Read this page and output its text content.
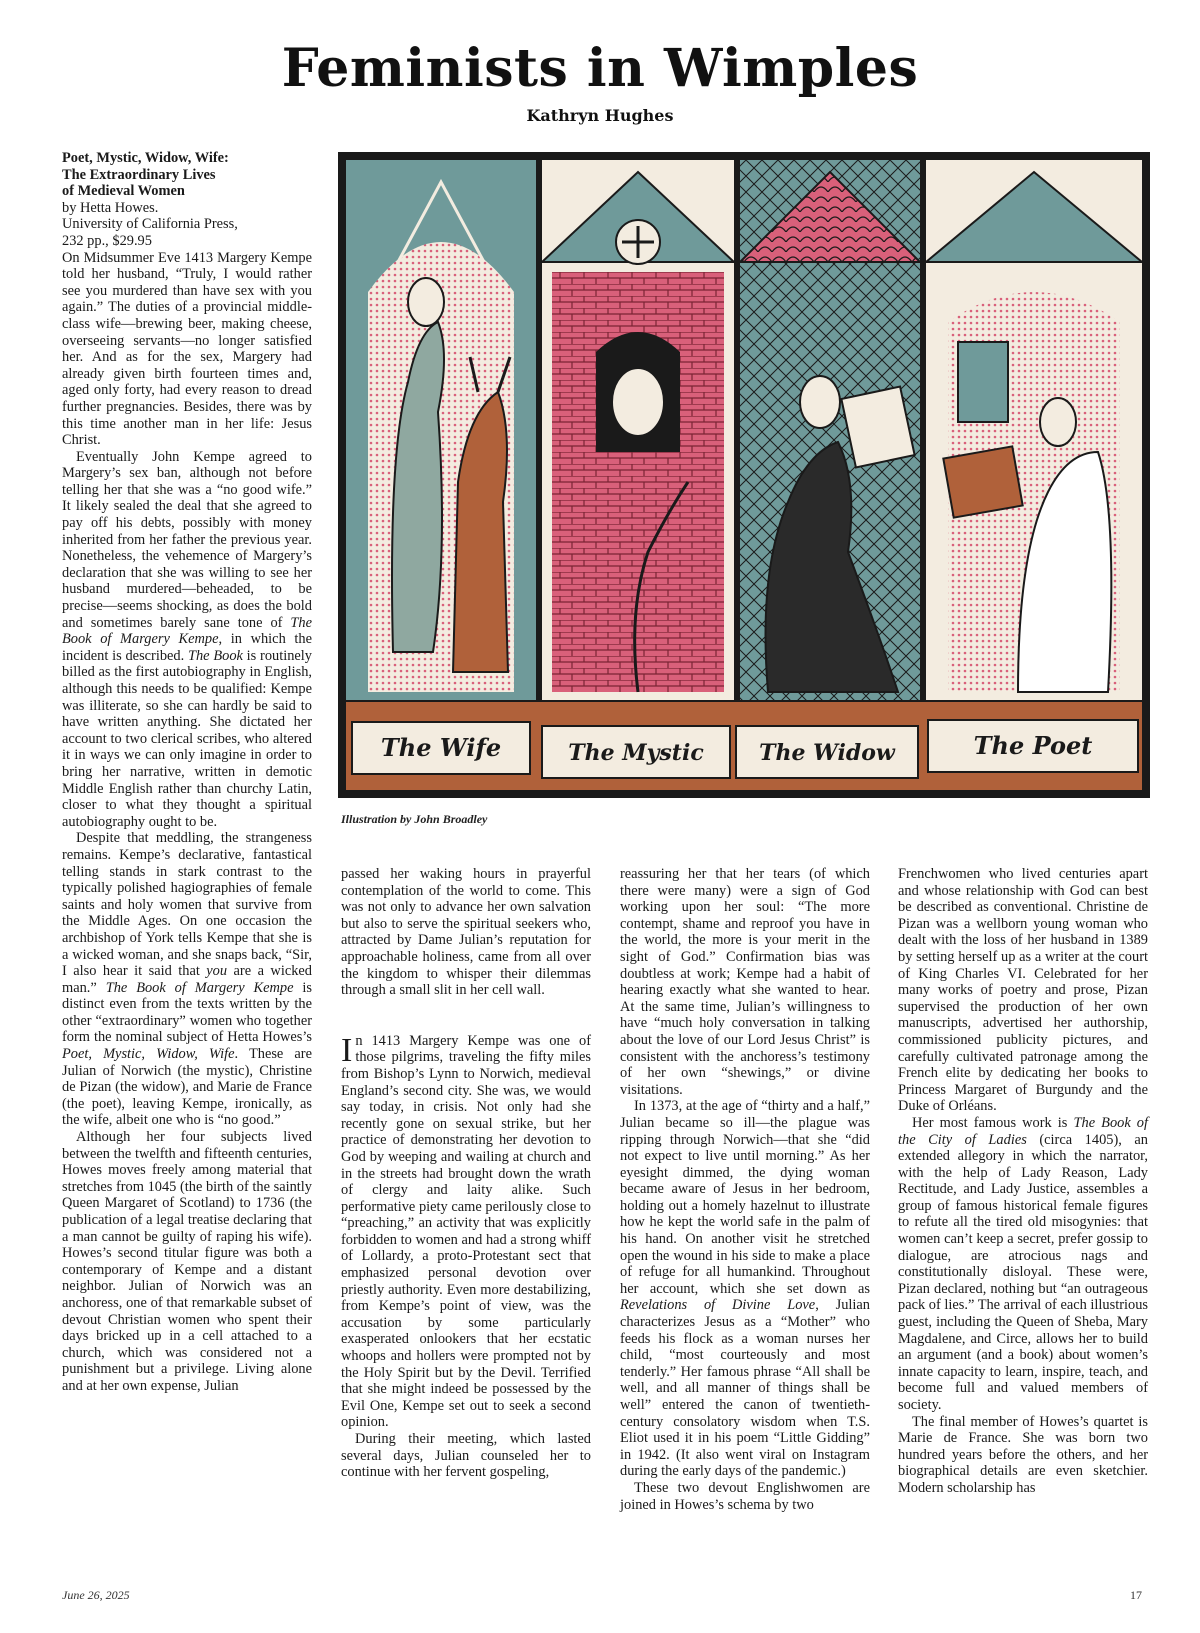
Feminists in Wimples
Kathryn Hughes

Poet, Mystic, Widow, Wife:
The Extraordinary Lives
of Medieval Women
by Hetta Howes.
University of California Press,
232 pp., $29.95

On Midsummer Eve 1413 Margery Kempe told her husband, “Truly, I would rather see you murdered than have sex with you again.” The duties of a provincial middle-class wife—brewing beer, making cheese, overseeing servants—no longer satisfied her. And as for the sex, Margery had already given birth fourteen times and, aged only forty, had every reason to dread further pregnancies. Besides, there was by this time another man in her life: Jesus Christ.

Eventually John Kempe agreed to Margery’s sex ban, although not before telling her that she was a “no good wife.” It likely sealed the deal that she agreed to pay off his debts, possibly with money inherited from her father the previous year. Nonetheless, the vehemence of Margery’s declaration that she was willing to see her husband murdered—beheaded, to be precise—seems shocking, as does the bold and sometimes barely sane tone of The Book of Margery Kempe, in which the incident is described. The Book is routinely billed as the first autobiography in English, although this needs to be qualified: Kempe was illiterate, so she can hardly be said to have written anything. She dictated her account to two clerical scribes, who altered it in ways we can only imagine in order to bring her narrative, written in demotic Middle English rather than churchy Latin, closer to what they thought a spiritual autobiography ought to be.

Despite that meddling, the strangeness remains. Kempe’s declarative, fantastical telling stands in stark contrast to the typically polished hagiographies of female saints and holy women that survive from the Middle Ages. On one occasion the archbishop of York tells Kempe that she is a wicked woman, and she snaps back, “Sir, I also hear it said that you are a wicked man.” The Book of Margery Kempe is distinct even from the texts written by the other “extraordinary” women who together form the nominal subject of Hetta Howes’s Poet, Mystic, Widow, Wife. These are Julian of Norwich (the mystic), Christine de Pizan (the widow), and Marie de France (the poet), leaving Kempe, ironically, as the wife, albeit one who is “no good.”

Although her four subjects lived between the twelfth and fifteenth centuries, Howes moves freely among material that stretches from 1045 (the birth of the saintly Queen Margaret of Scotland) to 1736 (the publication of a legal treatise declaring that a man cannot be guilty of raping his wife). Howes’s second titular figure was both a contemporary of Kempe and a distant neighbor. Julian of Norwich was an anchoress, one of that remarkable subset of devout Christian women who spent their days bricked up in a cell attached to a church, which was considered not a punishment but a privilege. Living alone and at her own expense, Julian

The Wife	The Mystic	The Widow	The Poet
Illustration by John Broadley

passed her waking hours in prayerful contemplation of the world to come. This was not only to advance her own salvation but also to serve the spiritual seekers who, attracted by Dame Julian’s reputation for approachable holiness, came from all over the kingdom to whisper their dilemmas through a small slit in her cell wall.

In 1413 Margery Kempe was one of those pilgrims, traveling the fifty miles from Bishop’s Lynn to Norwich, medieval England’s second city. She was, we would say today, in crisis. Not only had she recently gone on sexual strike, but her practice of demonstrating her devotion to God by weeping and wailing at church and in the streets had brought down the wrath of clergy and laity alike. Such performative piety came perilously close to “preaching,” an activity that was explicitly forbidden to women and had a strong whiff of Lollardy, a proto-Protestant sect that emphasized personal devotion over priestly authority. Even more destabilizing, from Kempe’s point of view, was the accusation by some particularly exasperated onlookers that her ecstatic whoops and hollers were prompted not by the Holy Spirit but by the Devil. Terrified that she might indeed be possessed by the Evil One, Kempe set out to seek a second opinion.

During their meeting, which lasted several days, Julian counseled her to continue with her fervent gospeling,

reassuring her that her tears (of which there were many) were a sign of God working upon her soul: “The more contempt, shame and reproof you have in the world, the more is your merit in the sight of God.” Confirmation bias was doubtless at work; Kempe had a habit of hearing exactly what she wanted to hear. At the same time, Julian’s willingness to have “much holy conversation in talking about the love of our Lord Jesus Christ” is consistent with the anchoress’s testimony of her own “shewings,” or divine visitations.

In 1373, at the age of “thirty and a half,” Julian became so ill—the plague was ripping through Norwich—that she “did not expect to live until morning.” As her eyesight dimmed, the dying woman became aware of Jesus in her bedroom, holding out a homely hazelnut to illustrate how he kept the world safe in the palm of his hand. On another visit he stretched open the wound in his side to make a place of refuge for all humankind. Throughout her account, which she set down as Revelations of Divine Love, Julian characterizes Jesus as a “Mother” who feeds his flock as a woman nurses her child, “most courteously and most tenderly.” Her famous phrase “All shall be well, and all manner of things shall be well” entered the canon of twentieth-century consolatory wisdom when T.S. Eliot used it in his poem “Little Gidding” in 1942. (It also went viral on Instagram during the early days of the pandemic.)

These two devout Englishwomen are joined in Howes’s schema by two

Frenchwomen who lived centuries apart and whose relationship with God can best be described as conventional. Christine de Pizan was a wellborn young woman who dealt with the loss of her husband in 1389 by setting herself up as a writer at the court of King Charles VI. Celebrated for her many works of poetry and prose, Pizan supervised the production of her own manuscripts, advertised her authorship, commissioned publicity pictures, and carefully cultivated patronage among the French elite by dedicating her books to Princess Margaret of Burgundy and the Duke of Orléans.

Her most famous work is The Book of the City of Ladies (circa 1405), an extended allegory in which the narrator, with the help of Lady Reason, Lady Rectitude, and Lady Justice, assembles a group of famous historical female figures to refute all the tired old misogynies: that women can’t keep a secret, prefer gossip to dialogue, are atrocious nags and constitutionally disloyal. These were, Pizan declared, nothing but “an outrageous pack of lies.” The arrival of each illustrious guest, including the Queen of Sheba, Mary Magdalene, and Circe, allows her to build an argument (and a book) about women’s innate capacity to learn, inspire, teach, and become full and valued members of society.

The final member of Howes’s quartet is Marie de France. She was born two hundred years before the others, and her biographical details are even sketchier. Modern scholarship has

June 26, 2025	17
